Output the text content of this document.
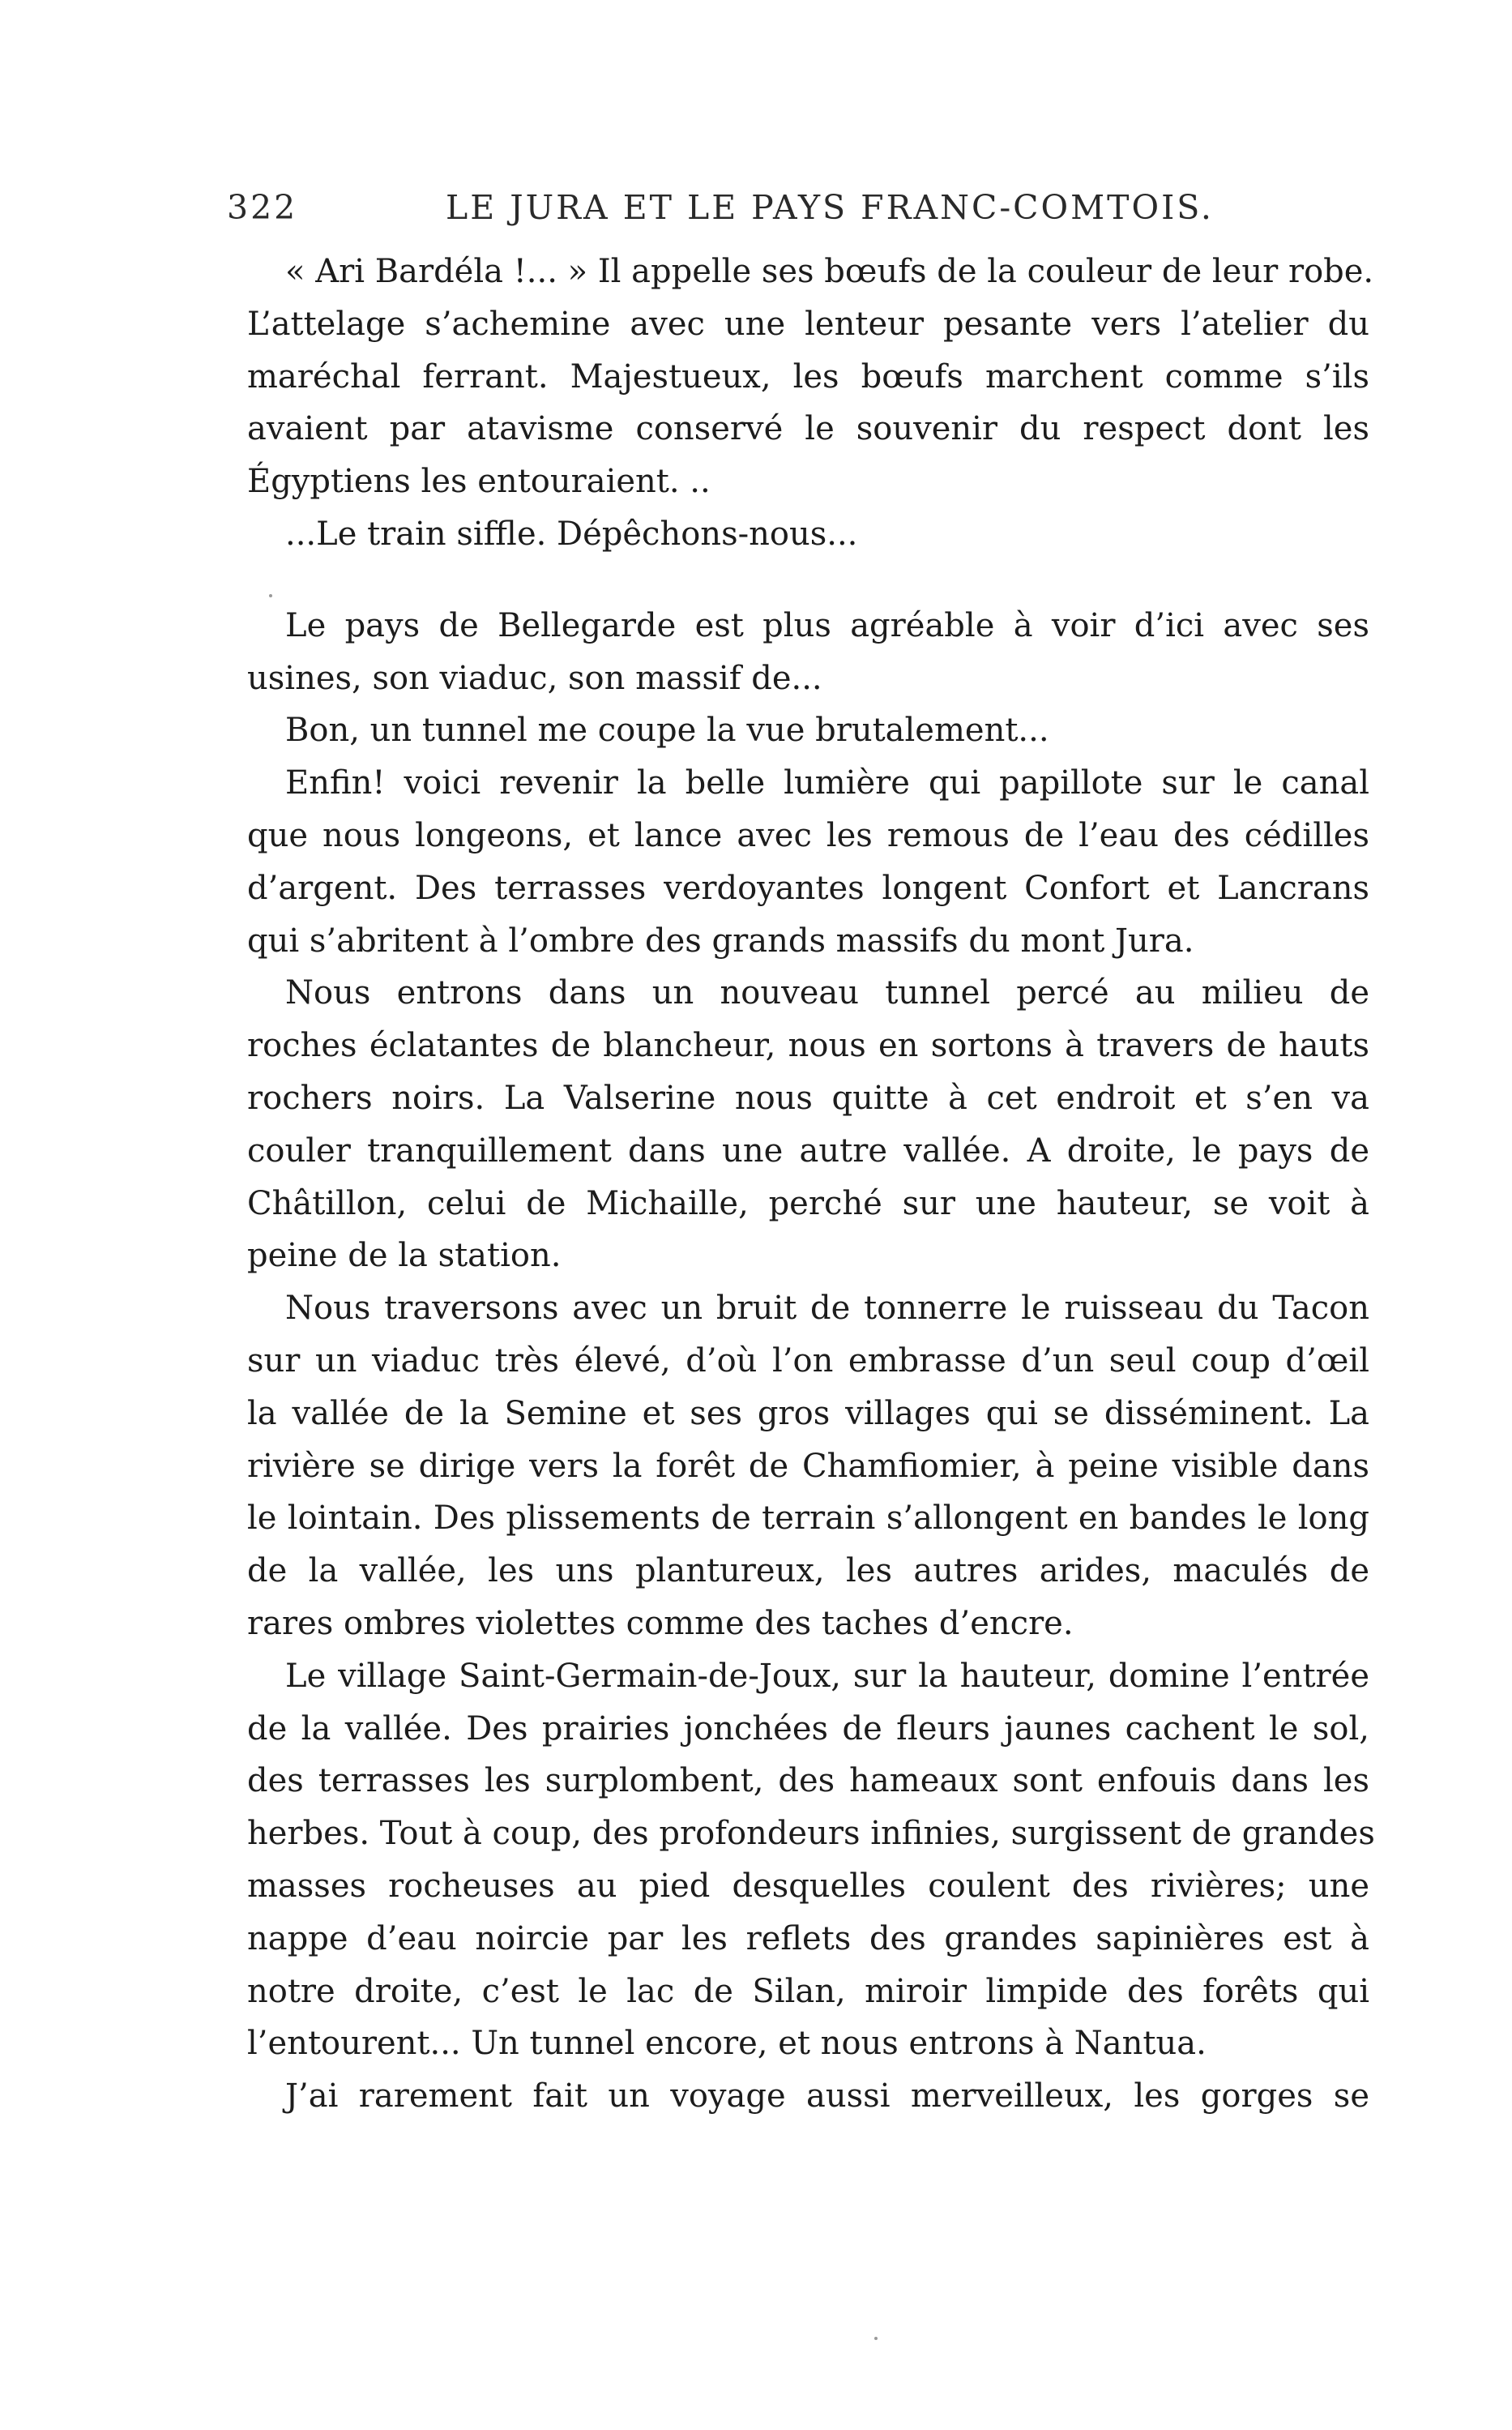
322	LE JURA ET LE PAYS FRANC-COMTOIS.
« Ari Bardéla !... » Il appelle ses bœufs de la couleur de leur robe.
L’attelage s’achemine avec une lenteur pesante vers l’atelier du
maréchal ferrant. Majestueux, les bœufs marchent comme s’ils
avaient par atavisme conservé le souvenir du respect dont les
Égyptiens les entouraient. ..
...Le train siffle. Dépêchons-nous...
Le pays de Bellegarde est plus agréable à voir d’ici avec ses
usines, son viaduc, son massif de...
Bon, un tunnel me coupe la vue brutalement...
Enfin! voici revenir la belle lumière qui papillote sur le canal
que nous longeons, et lance avec les remous de l’eau des cédilles
d’argent. Des terrasses verdoyantes longent Confort et Lancrans
qui s’abritent à l’ombre des grands massifs du mont Jura.
Nous entrons dans un nouveau tunnel percé au milieu de
roches éclatantes de blancheur, nous en sortons à travers de hauts
rochers noirs. La Valserine nous quitte à cet endroit et s’en va
couler tranquillement dans une autre vallée. A droite, le pays de
Châtillon, celui de Michaille, perché sur une hauteur, se voit à
peine de la station.
Nous traversons avec un bruit de tonnerre le ruisseau du Tacon
sur un viaduc très élevé, d’où l’on embrasse d’un seul coup d’œil
la vallée de la Semine et ses gros villages qui se disséminent. La
rivière se dirige vers la forêt de Chamfiomier, à peine visible dans
le lointain. Des plissements de terrain s’allongent en bandes le long
de la vallée, les uns plantureux, les autres arides, maculés de
rares ombres violettes comme des taches d’encre.
Le village Saint-Germain-de-Joux, sur la hauteur, domine l’entrée
de la vallée. Des prairies jonchées de fleurs jaunes cachent le sol,
des terrasses les surplombent, des hameaux sont enfouis dans les
herbes. Tout à coup, des profondeurs infinies, surgissent de grandes
masses rocheuses au pied desquelles coulent des rivières; une
nappe d’eau noircie par les reflets des grandes sapinières est à
notre droite, c’est le lac de Silan, miroir limpide des forêts qui
l’entourent... Un tunnel encore, et nous entrons à Nantua.
J’ai rarement fait un voyage aussi merveilleux, les gorges se
